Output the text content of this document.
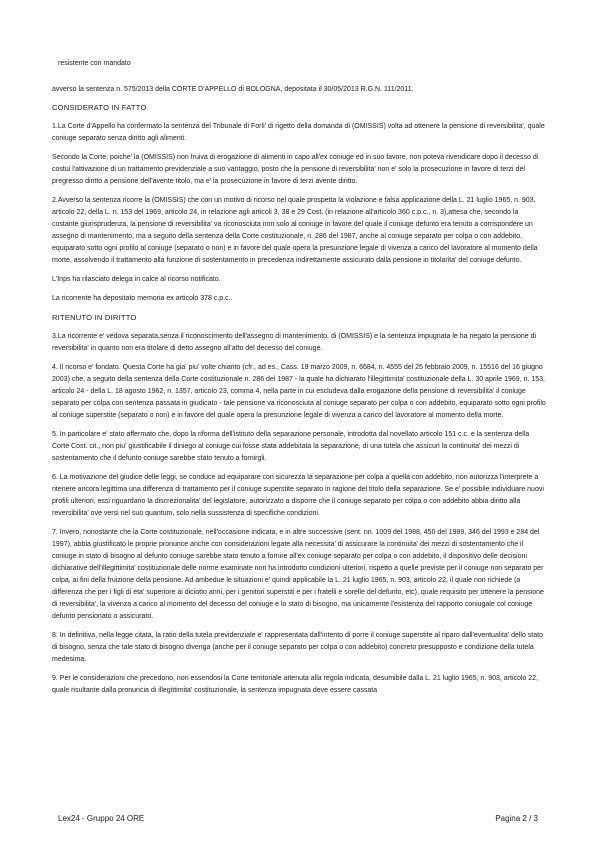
resistente con mandato

avverso la sentenza n. 575/2013 della CORTE D'APPELLO di BOLOGNA, depositata il 30/05/2013 R.G.N. 111/2011.

CONSIDERATO IN FATTO

1.La Corte d'Appello ha confermato la sentenza del Tribunale di Forli' di rigetto della domanda di (OMISSIS) volta ad ottenere la pensione di reversibilita', quale coniuge separato senza diritto agli alimenti.

Secondo la Corte, poiche' la (OMISSIS) non fruiva di erogazione di alimenti in capo all'ex coniuge ed in suo favore, non poteva rivendicare dopo il decesso di costui l'attivazione di un trattamento previdenziale a suo vantaggio, posto che la pensione di reversibilita' non e' solo la prosecuzione in favore di terzi del pregresso diritto a pensione dell'avente titolo, ma e' la prosecuzione in favore di terzi avente diritto.

2.Avverso la sentenza ricorre la (OMISSIS) che con un motivo di ricorso nel quale prospetta la violazione e falsa applicazione della L. 21 luglio 1965, n. 903, articolo 22, della L. n. 153 del 1969, articolo 24, in relazione agli articoli 3, 38 e 29 Cost. (in relazione all'articolo 360 c.p.c., n. 3),attesa che, secondo la costante giurisprudenza, la pensione di reversibilita' va riconosciuta non solo al coniuge in favore del quale il coniuge defunto era tenuto a corrispondere un assegno di mantenimento, ma a seguito della sentenza della Corte costituzionale, n. 286 del 1987, anche al coniuge separato per colpa o con addebito, equiparato sotto ogni profilo al coniuge (separato o non) e in favore del quale opera la presunzione legale di vivenza a carico del lavoratore al momento della morte, assolvendo il trattamento alla funzione di sostentamento in precedenza indirettamente assicurato dalla pensione in titolarita' del coniuge defunto.

L'Inps ha rilasciato delega in calce al ricorso notificato.

La ricorrente ha depositato memoria ex articolo 378 c.p.c..

RITENUTO IN DIRITTO

3.La ricorrente e' vedova separata,senza il riconoscimento dell'assegno di mantenimento, di (OMISSIS) e la sentenza impugnata le ha negato la pensione di reversibilita' in quanto non era titolare di detto assegno all'atto del decesso del coniuge.

4. Il ricorso e' fondato. Questa Corte ha gia' piu' volte chiarito (cfr., ad es., Cass. 19 marzo 2009, n. 6684, n. 4555 del 25 febbraio 2009, n. 15516 del 16 giugno 2003) che, a seguito della sentenza della Corte costituzionale n. 286 del 1987 - la quale ha dichiarato l'illegittimita' costituzionale della L. 30 aprile 1969, n. 153, articolo 24 - della L. 18 agosto 1962, n. 1357, articolo 23, comma 4, nella parte in cui escludeva dalla erogazione della pensione di reversibilita' il coniuge separato per colpa con sentenza passata in giudicato - tale pensione va riconosciuta al coniuge separato per colpa o con addebito, equiparato sotto ogni profilo al coniuge superstite (separato o non) e in favore del quale opera la presunzione legale di vivenza a carico del lavoratore al momento della morte.

5. In particolare e' stato affermato che, dopo la riforma dell'istituto della separazione personale, introdotta dal novellato articolo 151 c.c. e la sentenza della Corte Cost. cit., non piu' giustificabile il diniego al coniuge cui fosse stata addebitata la separazione, di una tutela che assicuri la continuita' dei mezzi di sostentamento che il defunto coniuge sarebbe stato tenuto a fornirgli.

6. La motivazione del giudice delle leggi, se conduce ad equiparare con sicurezza la separazione per colpa a quella con addebito, non autorizza l'interprete a ritenere ancora legittima una differenza di trattamento per il coniuge superstite separato in ragione del titolo della separazione. Se e' possibile individuare nuovi profili ulteriori, essi riguardano la discrezionalita' del legislatore, autorizzato a disporre che il coniuge separato per colpa o con addebito abbia diritto alla reversibilita' ove versi nel suo quantum, solo nella sussistenza di specifiche condizioni.

7. Invero, nonostante che la Corte costituzionale, nell'occasione indicata, e in altre successive (sent. nn. 1009 del 1988, 450 del 1989, 346 del 1993 e 284 del 1997), abbia giustificato le proprie pronunce anche con considerazioni legate alla necessita' di assicurare la continuita' dei mezzi di sostentamento che il coniuge in stato di bisogno al defunto coniuge sarebbe stato tenuto a fornire all'ex coniuge separato per colpa o con addebito, il dispositivo delle decisioni dichiarative dell'illegittimita' costituzionale delle norme esaminate non ha introdotto condizioni ulteriori, rispetto a quelle previste per il coniuge non separato per colpa, ai fini della fruizione della pensione. Ad ambedue le situazioni e' quindi applicabile la L. 21 luglio 1965, n. 903, articolo 22, il quale non richiede (a differenza che per i figli di eta' superiore ai diciotto anni, per i genitori superstiti e per i fratelli e sorelle del defunto, etc), quale requisito per ottenere la pensione di reversibilita', la vivenza a carico al momento del decesso del coniuge e lo stato di bisogno, ma unicamente l'esistenza del rapporto coniugale col coniuge defunto pensionato o assicurato.

8. In definitiva, nella legge citata, la ratio della tutela previdenziale e' rappresentata dall'intento di porre il coniuge superstite al riparo dall'eventualita' dello stato di bisogno, senza che tale stato di bisogno divenga (anche per il coniuge separato per colpa o con addebito) concreto presupposto e condizione della tutela medesima.

9. Per le considerazioni che precedono, non essendosi la Corte territoriale attenuta alla regola indicata, desumibile dalla L. 21 luglio 1965, n. 903, articolo 22, quale risultante dalla pronuncia di illegittimita' costituzionale, la sentenza impugnata deve essere cassata

Lex24 - Gruppo 24 ORE	Pagina 2 / 3
